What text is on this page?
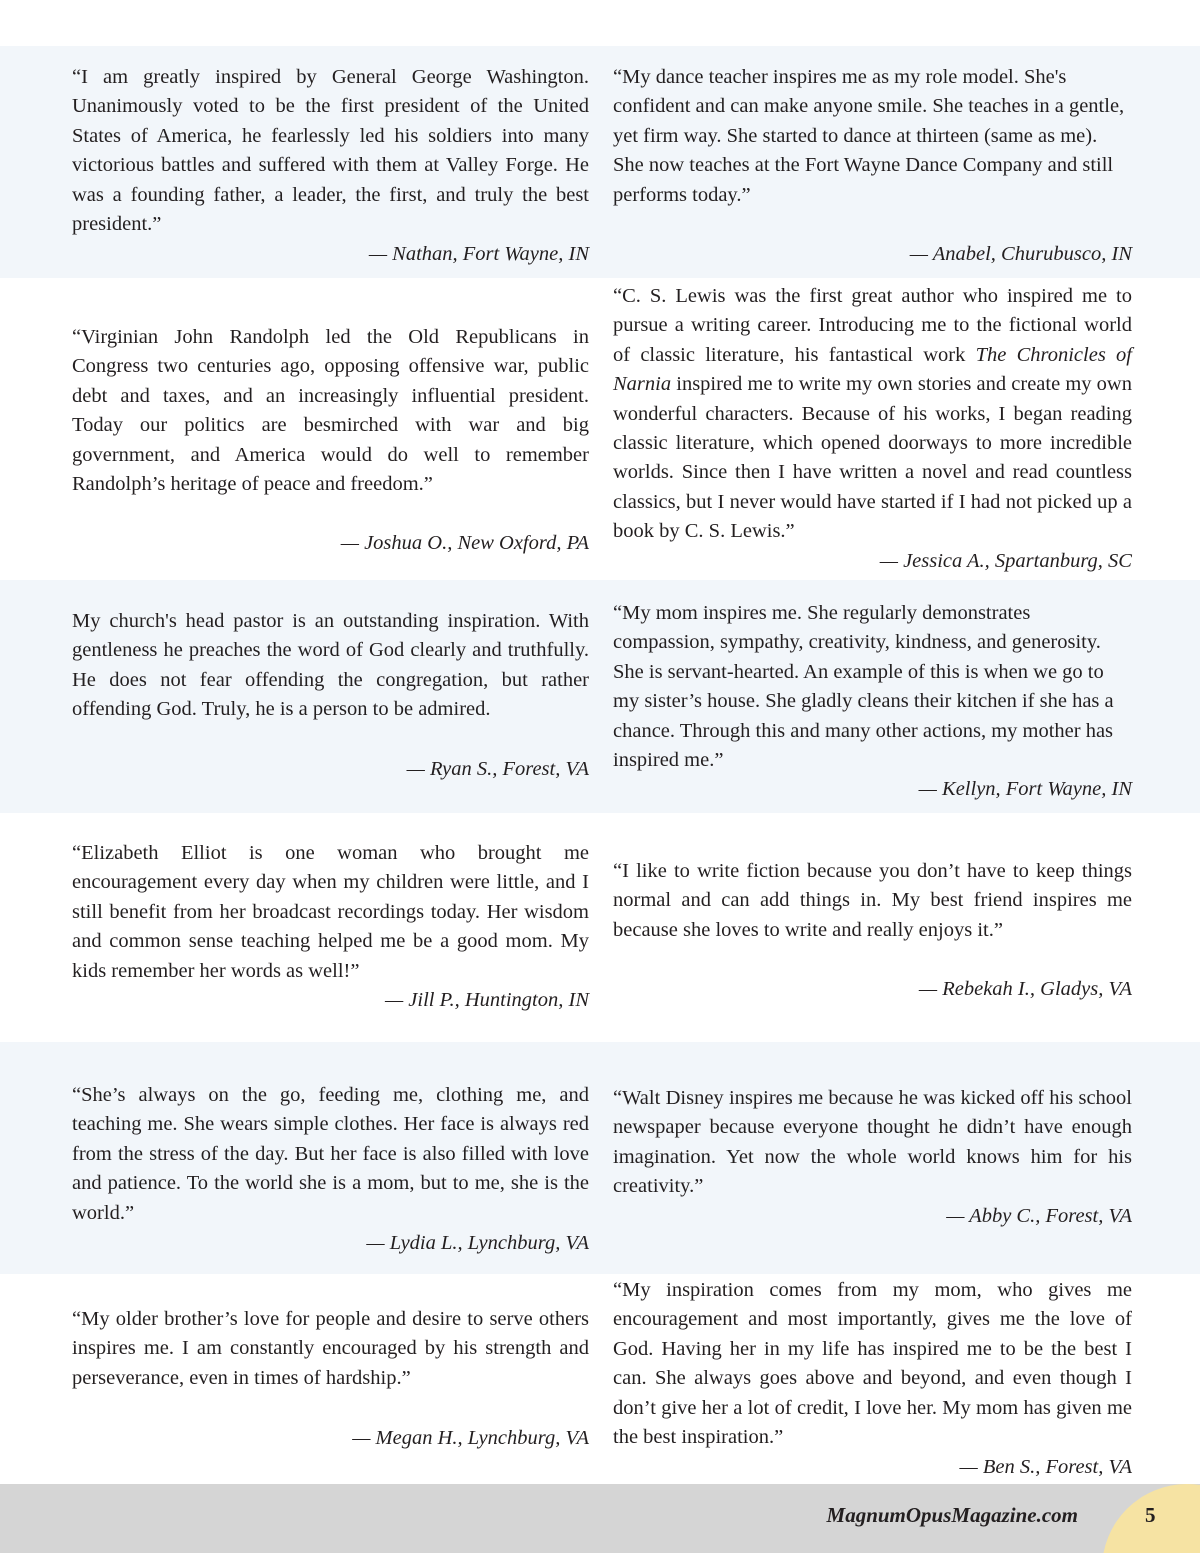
“I am greatly inspired by General George Washington. Unanimously voted to be the first president of the United States of America, he fearlessly led his soldiers into many victorious battles and suffered with them at Valley Forge. He was a founding father, a leader, the first, and truly the best president.”

— Nathan, Fort Wayne, IN

“My dance teacher inspires me as my role model. She's confident and can make anyone smile. She teaches in a gentle, yet firm way. She started to dance at thirteen (same as me). She now teaches at the Fort Wayne Dance Company and still performs today.”

— Anabel, Churubusco, IN

“Virginian John Randolph led the Old Republicans in Congress two centuries ago, opposing offensive war, public debt and taxes, and an increasingly influential president. Today our politics are besmirched with war and big government, and America would do well to remember Randolph’s heritage of peace and freedom.”

— Joshua O., New Oxford, PA

“C. S. Lewis was the first great author who inspired me to pursue a writing career. Introducing me to the fictional world of classic literature, his fantastical work The Chronicles of Narnia inspired me to write my own stories and create my own wonderful characters. Because of his works, I began reading classic literature, which opened doorways to more incredible worlds. Since then I have written a novel and read countless classics, but I never would have started if I had not picked up a book by C. S. Lewis.”

— Jessica A., Spartanburg, SC

My church's head pastor is an outstanding inspiration. With gentleness he preaches the word of God clearly and truthfully. He does not fear offending the congregation, but rather offending God. Truly, he is a person to be admired.

— Ryan S., Forest, VA

“My mom inspires me. She regularly demonstrates compassion, sympathy, creativity, kindness, and generosity. She is servant-hearted. An example of this is when we go to my sister’s house. She gladly cleans their kitchen if she has a chance. Through this and many other actions, my mother has inspired me.”

— Kellyn, Fort Wayne, IN

“Elizabeth Elliot is one woman who brought me encouragement every day when my children were little, and I still benefit from her broadcast recordings today. Her wisdom and common sense teaching helped me be a good mom. My kids remember her words as well!”

— Jill P., Huntington, IN

“I like to write fiction because you don’t have to keep things normal and can add things in. My best friend inspires me because she loves to write and really enjoys it.”

— Rebekah I., Gladys, VA

“She’s always on the go, feeding me, clothing me, and teaching me. She wears simple clothes. Her face is always red from the stress of the day. But her face is also filled with love and patience. To the world she is a mom, but to me, she is the world.”

— Lydia L., Lynchburg, VA

“Walt Disney inspires me because he was kicked off his school newspaper because everyone thought he didn’t have enough imagination. Yet now the whole world knows him for his creativity.”

— Abby C., Forest, VA

“My older brother’s love for people and desire to serve others inspires me. I am constantly encouraged by his strength and perseverance, even in times of hardship.”

— Megan H., Lynchburg, VA

“My inspiration comes from my mom, who gives me encouragement and most importantly, gives me the love of God. Having her in my life has inspired me to be the best I can. She always goes above and beyond, and even though I don’t give her a lot of credit, I love her. My mom has given me the best inspiration.”

— Ben S., Forest, VA

MagnumOpusMagazine.com	5
